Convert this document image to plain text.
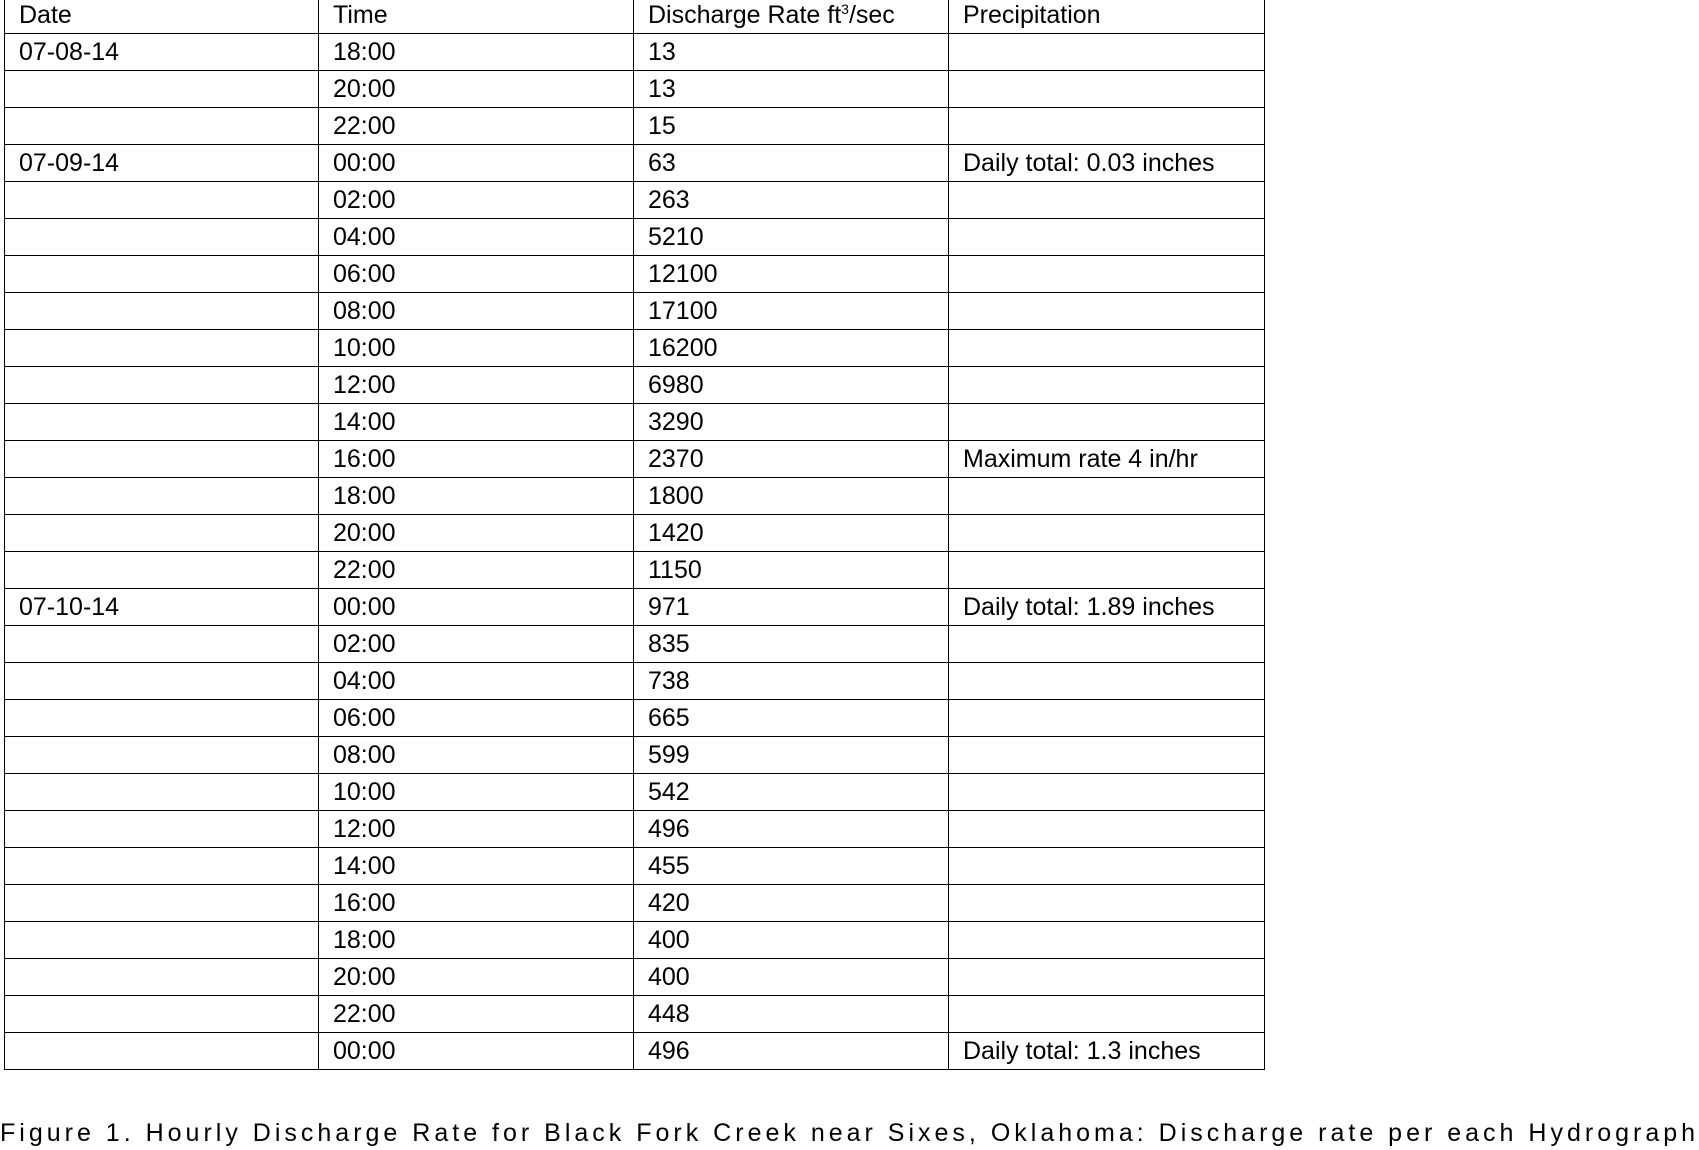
Date	Time	Discharge Rate $ft^3/\sec$	Precipitation
07-08-14	18:00	13	
	20:00	13	
	22:00	15	
07-09-14	00:00	63	Daily total: 0.03 inches
	02:00	263	
	04:00	5210	
	06:00	12100	
	08:00	17100	
	10:00	16200	
	12:00	6980	
	14:00	3290	
	16:00	2370	Maximum rate 4 in/hr
	18:00	1800	
	20:00	1420	
	22:00	1150	
07-10-14	00:00	971	Daily total: 1.89 inches
	02:00	835	
	04:00	738	
	06:00	665	
	08:00	599	
	10:00	542	
	12:00	496	
	14:00	455	
	16:00	420	
	18:00	400	
	20:00	400	
	22:00	448	
	00:00	496	Daily total: 1.3 inches

Figure 1. Hourly Discharge Rate for Black Fork Creek near Sixes, Oklahoma: Discharge rate per each Hydrograph
